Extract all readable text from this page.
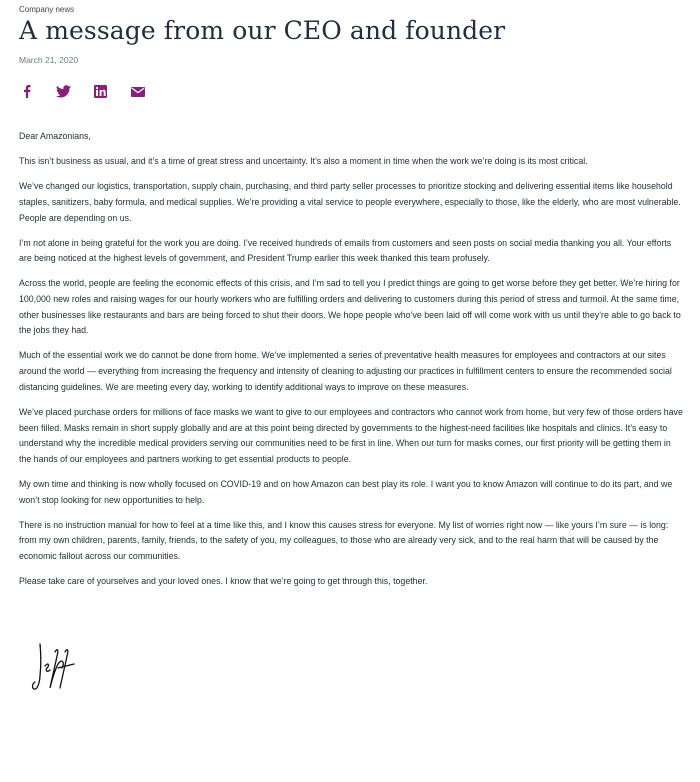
Company news
A message from our CEO and founder
March 21, 2020

Dear Amazonians,

This isn’t business as usual, and it’s a time of great stress and uncertainty. It’s also a moment in time when the work we’re doing is its most critical.

We’ve changed our logistics, transportation, supply chain, purchasing, and third party seller processes to prioritize stocking and delivering essential items like household staples, sanitizers, baby formula, and medical supplies. We’re providing a vital service to people everywhere, especially to those, like the elderly, who are most vulnerable. People are depending on us.

I’m not alone in being grateful for the work you are doing. I’ve received hundreds of emails from customers and seen posts on social media thanking you all. Your efforts are being noticed at the highest levels of government, and President Trump earlier this week thanked this team profusely.

Across the world, people are feeling the economic effects of this crisis, and I’m sad to tell you I predict things are going to get worse before they get better. We’re hiring for 100,000 new roles and raising wages for our hourly workers who are fulfilling orders and delivering to customers during this period of stress and turmoil. At the same time, other businesses like restaurants and bars are being forced to shut their doors. We hope people who’ve been laid off will come work with us until they’re able to go back to the jobs they had.

Much of the essential work we do cannot be done from home. We’ve implemented a series of preventative health measures for employees and contractors at our sites around the world — everything from increasing the frequency and intensity of cleaning to adjusting our practices in fulfillment centers to ensure the recommended social distancing guidelines. We are meeting every day, working to identify additional ways to improve on these measures.

We’ve placed purchase orders for millions of face masks we want to give to our employees and contractors who cannot work from home, but very few of those orders have been filled. Masks remain in short supply globally and are at this point being directed by governments to the highest-need facilities like hospitals and clinics. It’s easy to understand why the incredible medical providers serving our communities need to be first in line. When our turn for masks comes, our first priority will be getting them in the hands of our employees and partners working to get essential products to people.

My own time and thinking is now wholly focused on COVID-19 and on how Amazon can best play its role. I want you to know Amazon will continue to do its part, and we won’t stop looking for new opportunities to help.

There is no instruction manual for how to feel at a time like this, and I know this causes stress for everyone. My list of worries right now — like yours I’m sure — is long: from my own children, parents, family, friends, to the safety of you, my colleagues, to those who are already very sick, and to the real harm that will be caused by the economic fallout across our communities.

Please take care of yourselves and your loved ones. I know that we’re going to get through this, together.
